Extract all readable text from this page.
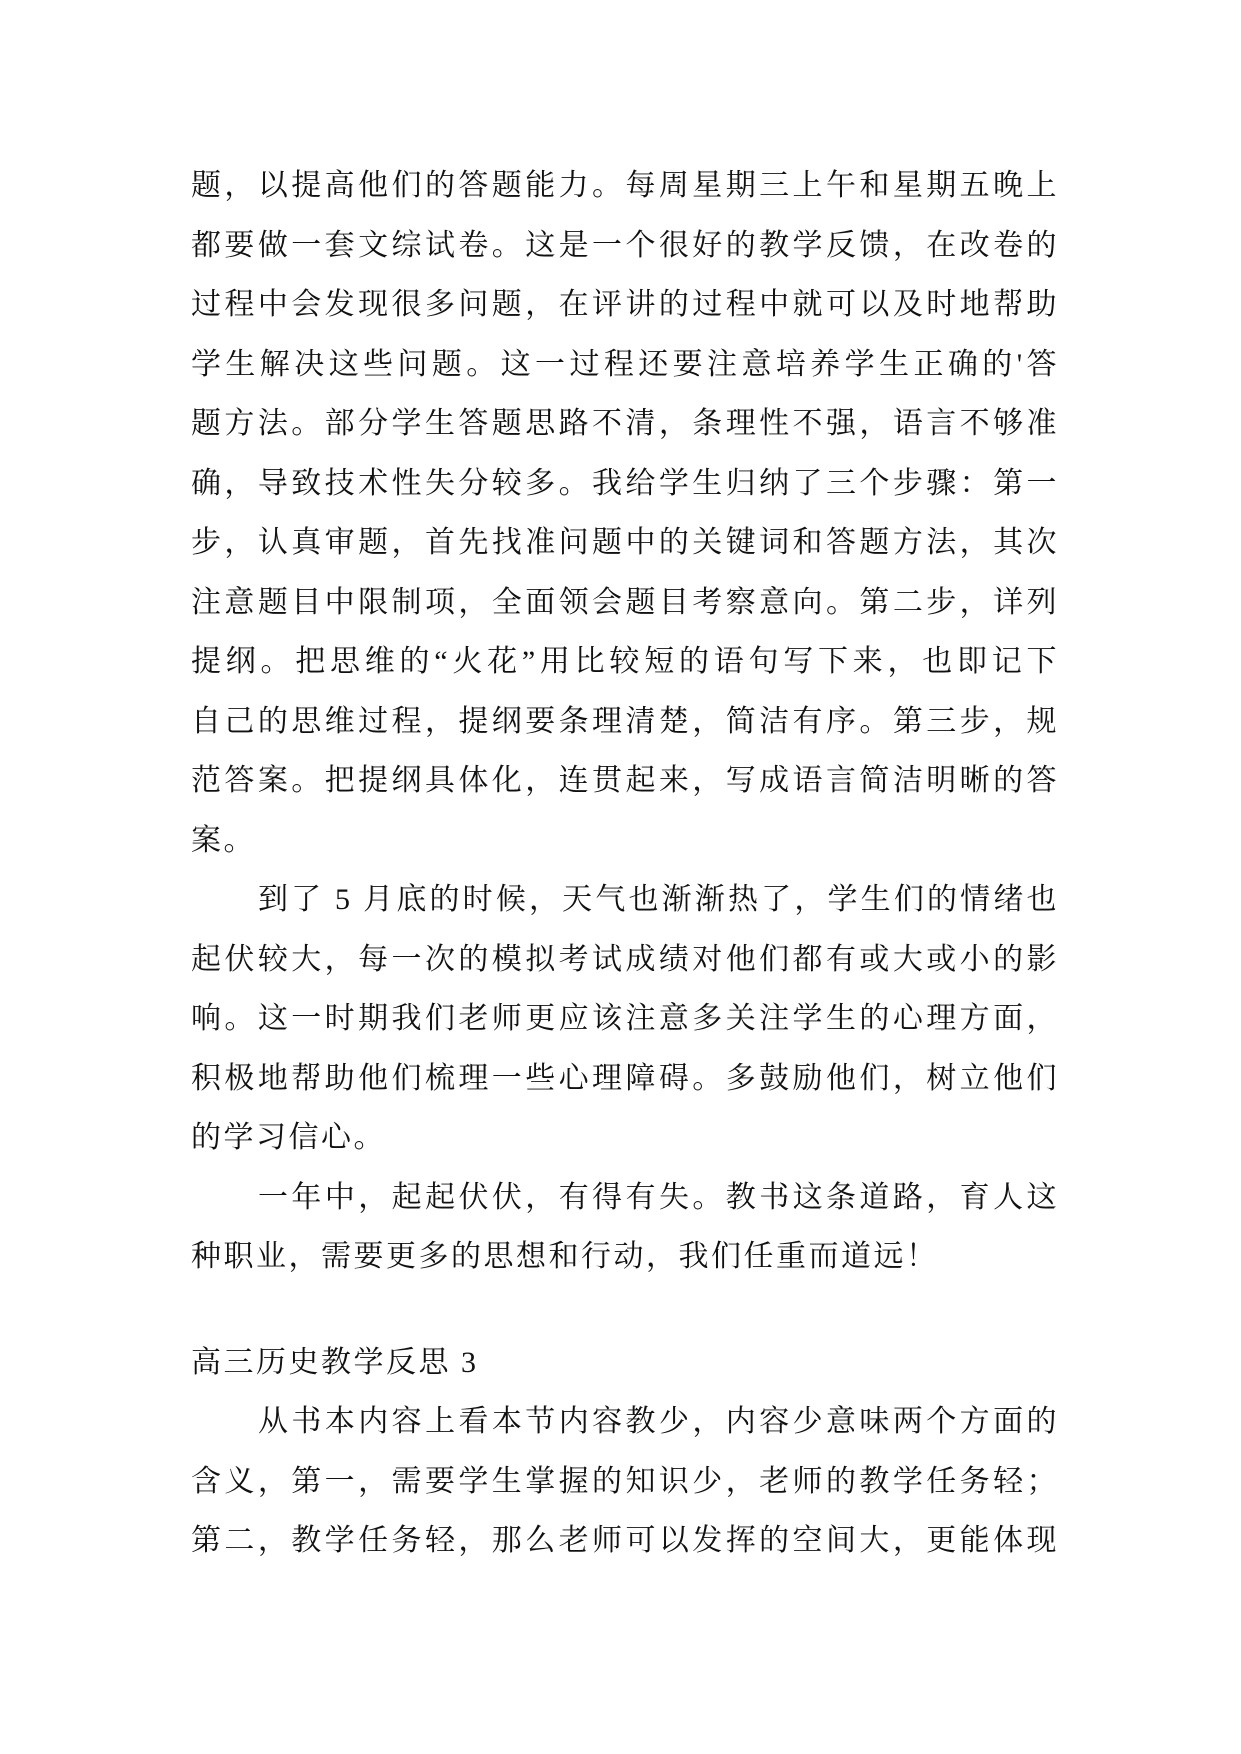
题，以提高他们的答题能力。每周星期三上午和星期五晚上
都要做一套文综试卷。这是一个很好的教学反馈，在改卷的
过程中会发现很多问题，在评讲的过程中就可以及时地帮助
学生解决这些问题。这一过程还要注意培养学生正确的'答
题方法。部分学生答题思路不清，条理性不强，语言不够准
确，导致技术性失分较多。我给学生归纳了三个步骤：第一
步，认真审题，首先找准问题中的关键词和答题方法，其次
注意题目中限制项，全面领会题目考察意向。第二步，详列
提纲。把思维的“火花”用比较短的语句写下来，也即记下
自己的思维过程，提纲要条理清楚，简洁有序。第三步，规
范答案。把提纲具体化，连贯起来，写成语言简洁明晰的答
案。
到了 5 月底的时候，天气也渐渐热了，学生们的情绪也
起伏较大，每一次的模拟考试成绩对他们都有或大或小的影
响。这一时期我们老师更应该注意多关注学生的心理方面，
积极地帮助他们梳理一些心理障碍。多鼓励他们，树立他们
的学习信心。
一年中，起起伏伏，有得有失。教书这条道路，育人这
种职业，需要更多的思想和行动，我们任重而道远！
高三历史教学反思 3
从书本内容上看本节内容教少，内容少意味两个方面的
含义，第一，需要学生掌握的知识少，老师的教学任务轻；
第二，教学任务轻，那么老师可以发挥的空间大，更能体现
